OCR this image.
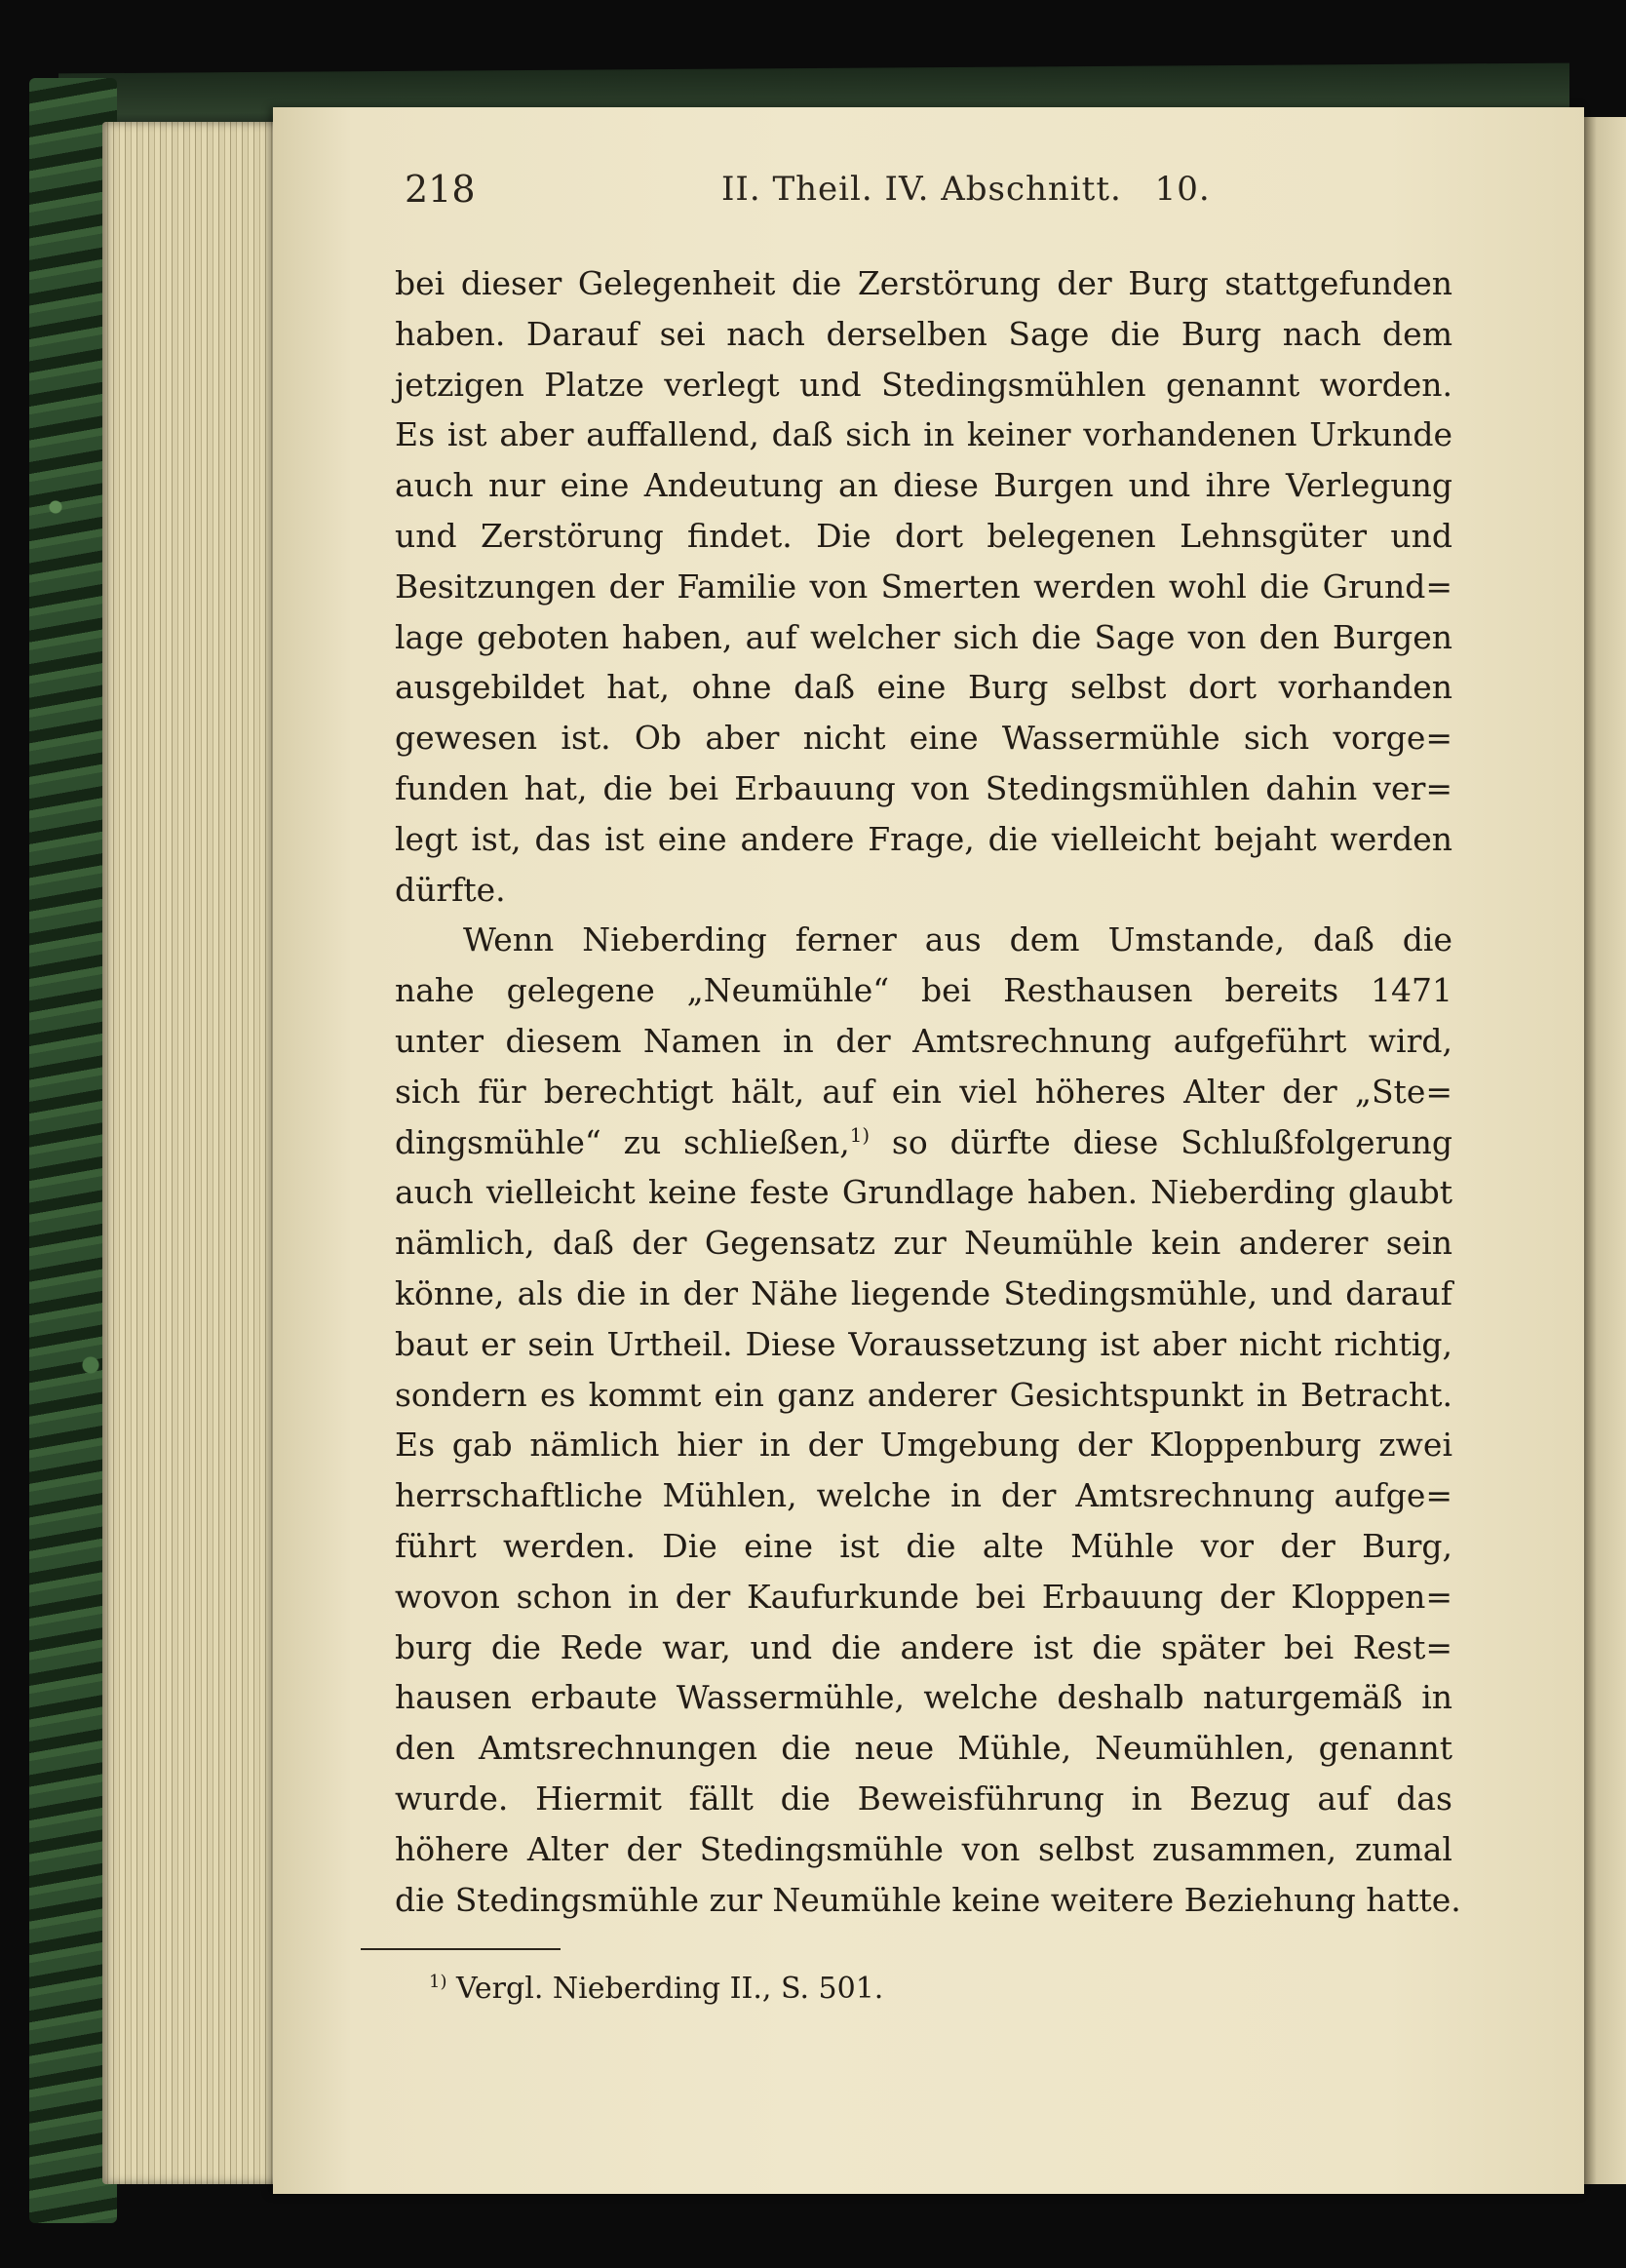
218	II. Theil. IV. Abschnitt. 10.
bei dieser Gelegenheit die Zerstörung der Burg stattgefunden
haben. Darauf sei nach derselben Sage die Burg nach dem
jetzigen Platze verlegt und Stedingsmühlen genannt worden.
Es ist aber auffallend, daß sich in keiner vorhandenen Urkunde
auch nur eine Andeutung an diese Burgen und ihre Verlegung
und Zerstörung findet. Die dort belegenen Lehnsgüter und
Besitzungen der Familie von Smerten werden wohl die Grund=
lage geboten haben, auf welcher sich die Sage von den Burgen
ausgebildet hat, ohne daß eine Burg selbst dort vorhanden
gewesen ist. Ob aber nicht eine Wassermühle sich vorge=
funden hat, die bei Erbauung von Stedingsmühlen dahin ver=
legt ist, das ist eine andere Frage, die vielleicht bejaht werden
dürfte.
Wenn Nieberding ferner aus dem Umstande, daß die
nahe gelegene „Neumühle“ bei Resthausen bereits 1471
unter diesem Namen in der Amtsrechnung aufgeführt wird,
sich für berechtigt hält, auf ein viel höheres Alter der „Ste=
dingsmühle“ zu schließen,$^{1)}$ so dürfte diese Schlußfolgerung
auch vielleicht keine feste Grundlage haben. Nieberding glaubt
nämlich, daß der Gegensatz zur Neumühle kein anderer sein
könne, als die in der Nähe liegende Stedingsmühle, und darauf
baut er sein Urtheil. Diese Voraussetzung ist aber nicht richtig,
sondern es kommt ein ganz anderer Gesichtspunkt in Betracht.
Es gab nämlich hier in der Umgebung der Kloppenburg zwei
herrschaftliche Mühlen, welche in der Amtsrechnung aufge=
führt werden. Die eine ist die alte Mühle vor der Burg,
wovon schon in der Kaufurkunde bei Erbauung der Kloppen=
burg die Rede war, und die andere ist die später bei Rest=
hausen erbaute Wassermühle, welche deshalb naturgemäß in
den Amtsrechnungen die neue Mühle, Neumühlen, genannt
wurde. Hiermit fällt die Beweisführung in Bezug auf das
höhere Alter der Stedingsmühle von selbst zusammen, zumal
die Stedingsmühle zur Neumühle keine weitere Beziehung hatte.
$^{1)}$ Vergl. Nieberding II., S. 501.
